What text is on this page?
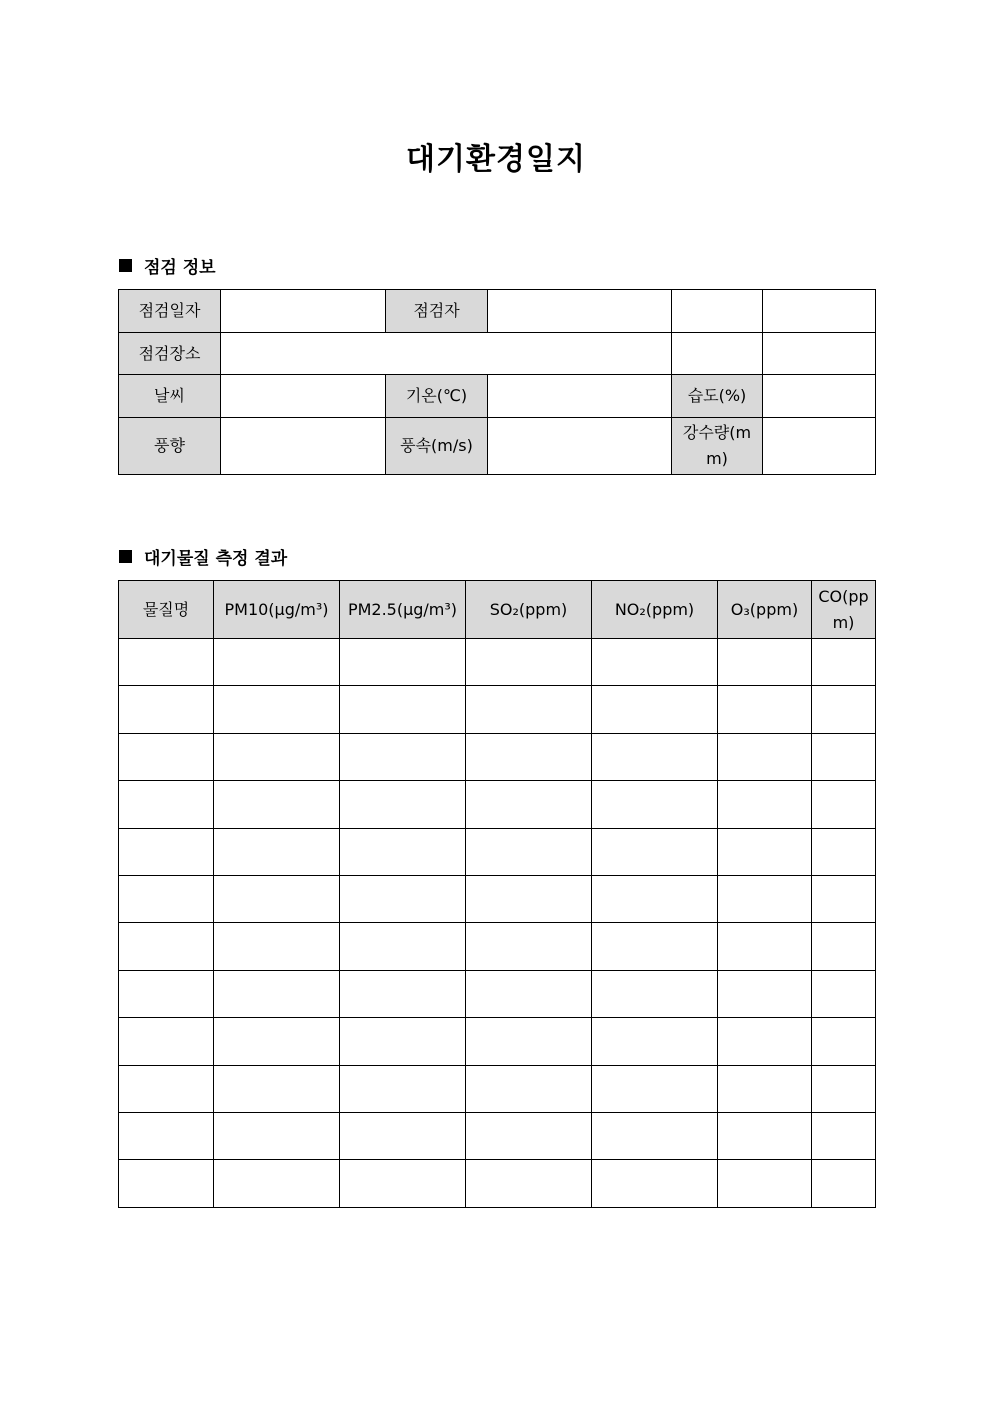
대기환경일지
점검 정보
점검일자		점검자			
점검장소					
날씨		기온(℃)		습도(%)	
풍향		풍속(m/s)		강수량(mm)	
대기물질 측정 결과
물질명	PM10(μg/m³)	PM2.5(μg/m³)	SO₂(ppm)	NO₂(ppm)	O₃(ppm)	CO(ppm)
